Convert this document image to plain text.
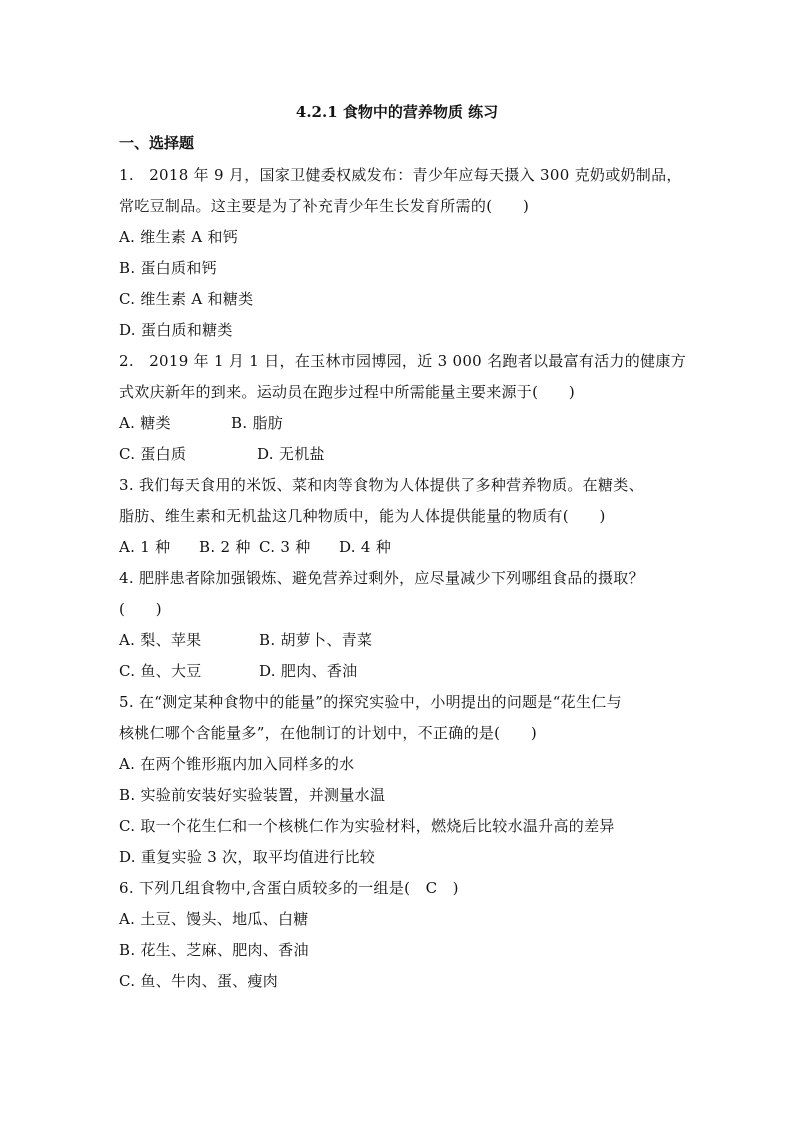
4.2.1 食物中的营养物质 练习
一、选择题
1.　2018 年 9 月，国家卫健委权威发布：青少年应每天摄入 300 克奶或奶制品，
常吃豆制品。这主要是为了补充青少年生长发育所需的(　　)
A. 维生素 A 和钙
B. 蛋白质和钙
C. 维生素 A 和糖类
D. 蛋白质和糖类
2.　2019 年 1 月 1 日，在玉林市园博园，近 3 000 名跑者以最富有活力的健康方
式欢庆新年的到来。运动员在跑步过程中所需能量主要来源于(　　)
A. 糖类	B. 脂肪
C. 蛋白质	D. 无机盐
3. 我们每天食用的米饭、菜和肉等食物为人体提供了多种营养物质。在糖类、
脂肪、维生素和无机盐这几种物质中，能为人体提供能量的物质有(　　)
A. 1 种 B. 2 种 C. 3 种 D. 4 种
4. 肥胖患者除加强锻炼、避免营养过剩外，应尽量减少下列哪组食品的摄取？
(　　)
A. 梨、苹果	B. 胡萝卜、青菜
C. 鱼、大豆	D. 肥肉、香油
5. 在“测定某种食物中的能量”的探究实验中，小明提出的问题是“花生仁与
核桃仁哪个含能量多”，在他制订的计划中，不正确的是(　　)
A. 在两个锥形瓶内加入同样多的水
B. 实验前安装好实验装置，并测量水温
C. 取一个花生仁和一个核桃仁作为实验材料，燃烧后比较水温升高的差异
D. 重复实验 3 次，取平均值进行比较
6. 下列几组食物中,含蛋白质较多的一组是(　C　)
A. 土豆、馒头、地瓜、白糖
B. 花生、芝麻、肥肉、香油
C. 鱼、牛肉、蛋、瘦肉
